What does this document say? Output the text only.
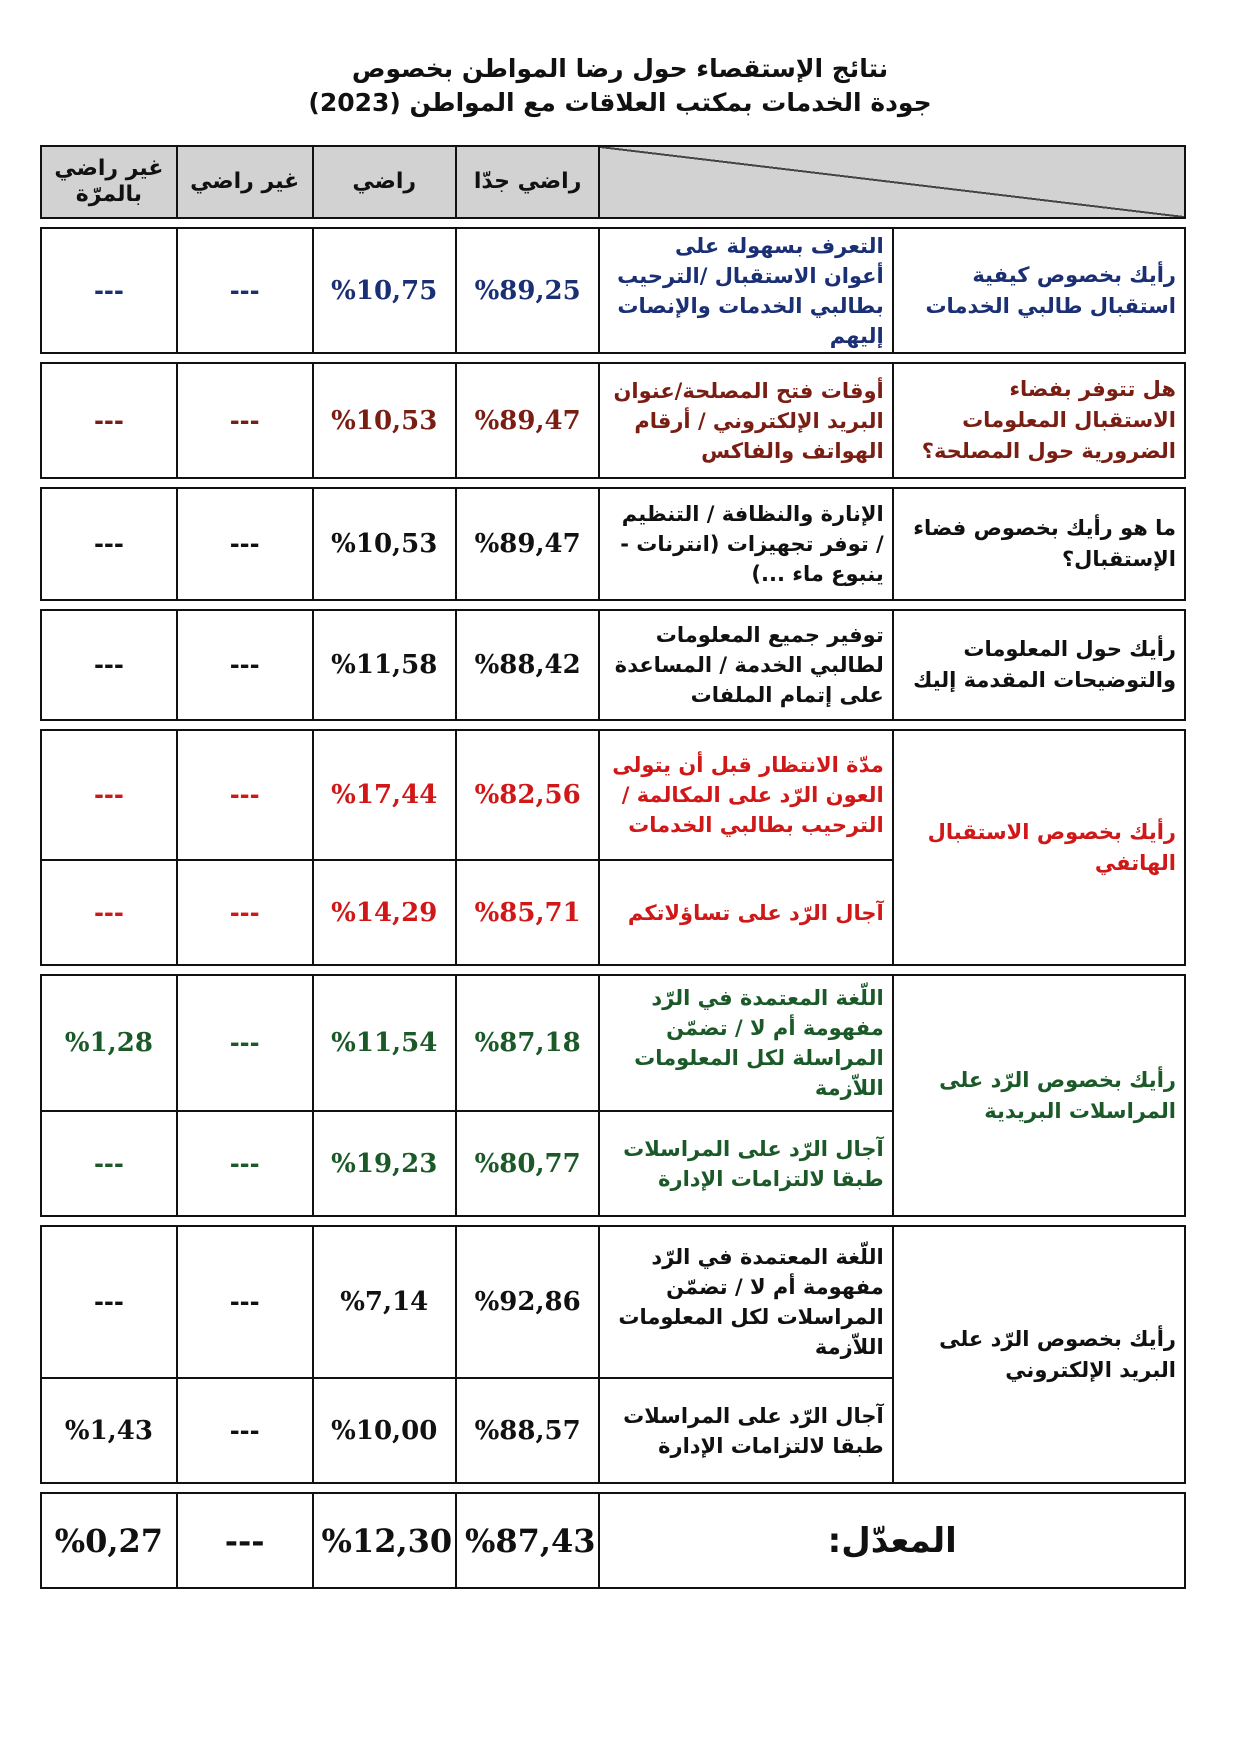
نتائج الإستقصاء حول رضا المواطن بخصوص
جودة الخدمات بمكتب العلاقات مع المواطن (2023)
		راضي جدّا	راضي	غير راضي	غير راضي بالمرّة

رأيك بخصوص كيفية استقبال طالبي الخدمات	التعرف بسهولة على أعوان الاستقبال /الترحيب بطالبي الخدمات والإنصات إليهم	%89,25	%10,75	---	---

هل تتوفر بفضاء الاستقبال المعلومات الضرورية حول المصلحة؟	أوقات فتح المصلحة/عنوان البريد الإلكتروني / أرقام الهواتف والفاكس	%89,47	%10,53	---	---

ما هو رأيك بخصوص فضاء الإستقبال؟	الإنارة والنظافة / التنظيم / توفر تجهيزات (انترنات - ينبوع ماء ...)	%89,47	%10,53	---	---

رأيك حول المعلومات والتوضيحات المقدمة إليك	توفير جميع المعلومات لطالبي الخدمة / المساعدة على إتمام الملفات	%88,42	%11,58	---	---

رأيك بخصوص الاستقبال الهاتفي	مدّة الانتظار قبل أن يتولى العون الرّد على المكالمة / الترحيب بطالبي الخدمات	%82,56	%17,44	---	---
	آجال الرّد على تساؤلاتكم	%85,71	%14,29	---	---

رأيك بخصوص الرّد على المراسلات البريدية	اللّغة المعتمدة في الرّد مفهومة أم لا / تضمّن المراسلة لكل المعلومات اللاّزمة	%87,18	%11,54	---	%1,28
	آجال الرّد على المراسلات طبقا لالتزامات الإدارة	%80,77	%19,23	---	---

رأيك بخصوص الرّد على البريد الإلكتروني	اللّغة المعتمدة في الرّد مفهومة أم لا / تضمّن المراسلات لكل المعلومات اللاّزمة	%92,86	%7,14	---	---
	آجال الرّد على المراسلات طبقا لالتزامات الإدارة	%88,57	%10,00	---	%1,43

المعدّل:		%87,43	%12,30	---	%0,27
